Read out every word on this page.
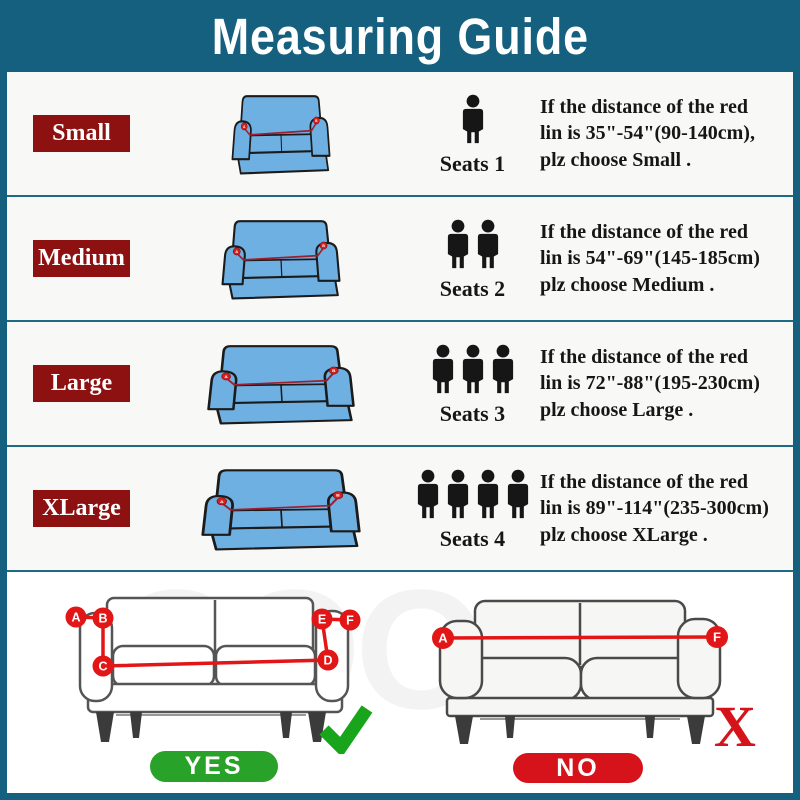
Measuring Guide
Small
Seats 1
If the distance of the red
lin is 35"-54"(90-140cm),
plz choose Small .
Medium
Seats 2
If the distance of the red
lin is 54"-69"(145-185cm)
plz choose Medium .
Large
Seats 3
If the distance of the red
lin is 72"-88"(195-230cm)
plz choose Large .
XLarge
Seats 4
If the distance of the red
lin is 89"-114"(235-300cm)
plz choose XLarge .
A B
C	D
E F
A	F
X
YES	NO
